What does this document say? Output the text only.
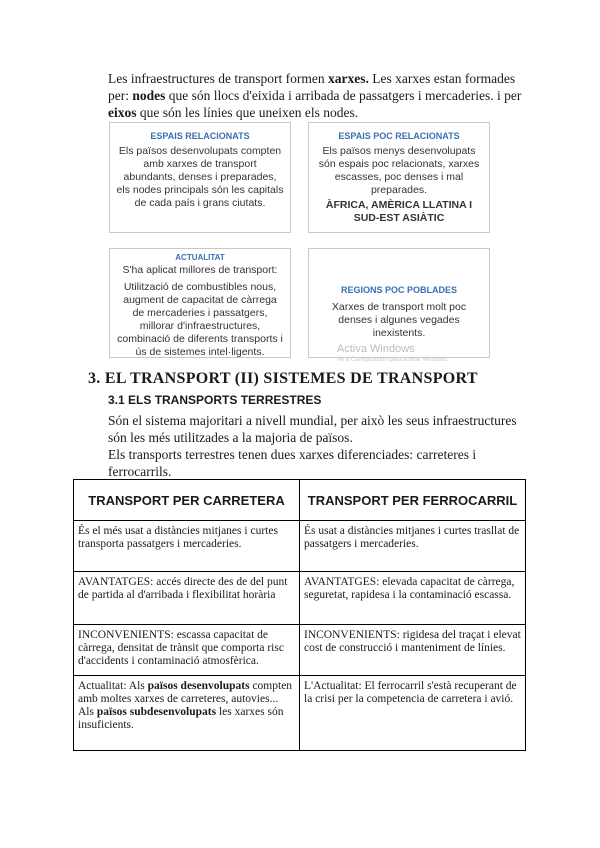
Les infraestructures de transport formen xarxes. Les xarxes estan formades per: nodes que són llocs d'eixida i arribada de passatgers i mercaderies. i per eixos que són les línies que uneixen els nodes.
ESPAIS RELACIONATS
Els països desenvolupats compten amb xarxes de transport abundants, denses i preparades, els nodes principals són les capitals de cada país i grans ciutats.
ESPAIS POC RELACIONATS
Els països menys desenvolupats són espais poc relacionats, xarxes escasses, poc denses i mal preparades.
ÀFRICA, AMÈRICA LLATINA I SUD-EST ASIÀTIC
ACTUALITAT
S'ha aplicat millores de transport:
Utilització de combustibles nous, augment de capacitat de càrrega de mercaderies i passatgers, millorar d'infraestructures, combinació de diferents transports i ús de sistemes intel·ligents.
REGIONS POC POBLADES
Xarxes de transport molt poc denses i algunes vegades inexistents.
Activa Windows
Ve a Configuración para activar Windows.
3. EL TRANSPORT (II) SISTEMES DE TRANSPORT
3.1 ELS TRANSPORTS TERRESTRES
Són el sistema majoritari a nivell mundial, per això les seus infraestructures són les més utilitzades a la majoria de països.
Els transports terrestres tenen dues xarxes diferenciades: carreteres i ferrocarrils.
TRANSPORT PER CARRETERA	TRANSPORT PER FERROCARRIL
És el més usat a distàncies mitjanes i curtes transporta passatgers i mercaderies.	És usat a distàncies mitjanes i curtes trasllat de passatgers i mercaderies.
AVANTATGES: accés directe des de del punt de partida al d'arribada i flexibilitat horària	AVANTATGES: elevada capacitat de càrrega, seguretat, rapidesa i la contaminació escassa.
INCONVENIENTS: escassa capacitat de càrrega, densitat de trànsit que comporta risc d'accidents i contaminació atmosfèrica.	INCONVENIENTS: rigidesa del traçat i elevat cost de construcció i manteniment de línies.
Actualitat: Als països desenvolupats compten amb moltes xarxes de carreteres, autovies...
Als països subdesenvolupats les xarxes són insuficients.	L'Actualitat: El ferrocarril s'està recuperant de la crisi per la competencia de carretera i avió.
